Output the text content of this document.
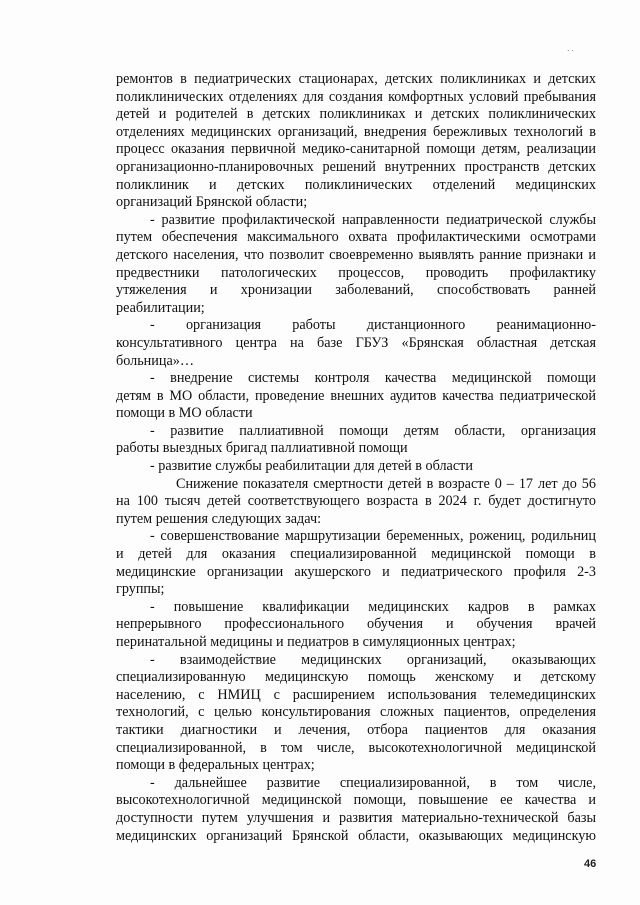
..
ремонтов в педиатрических стационарах, детских поликлиниках и детских
поликлинических отделениях для создания комфортных условий пребывания
детей и родителей в детских поликлиниках и детских поликлинических
отделениях медицинских организаций, внедрения бережливых технологий в
процесс оказания первичной медико-санитарной помощи детям, реализации
организационно-планировочных решений внутренних пространств детских
поликлиник и детских поликлинических отделений медицинских
организаций Брянской области;
- развитие профилактической направленности педиатрической службы
путем обеспечения максимального охвата профилактическими осмотрами
детского населения, что позволит своевременно выявлять ранние признаки и
предвестники патологических процессов, проводить профилактику
утяжеления и хронизации заболеваний, способствовать ранней
реабилитации;
- организация работы дистанционного реанимационно-
консультативного центра на базе ГБУЗ «Брянская областная детская
больница»…
- внедрение системы контроля качества медицинской помощи
детям в МО области, проведение внешних аудитов качества педиатрической
помощи в МО области
- развитие паллиативной помощи детям области, организация
работы выездных бригад паллиативной помощи
- развитие службы реабилитации для детей в области
Снижение показателя смертности детей в возрасте 0 – 17 лет до 56
на 100 тысяч детей соответствующего возраста в 2024 г. будет достигнуто
путем решения следующих задач:
- совершенствование маршрутизации беременных, рожениц, родильниц
и детей для оказания специализированной медицинской помощи в
медицинские организации акушерского и педиатрического профиля 2-3
группы;
- повышение квалификации медицинских кадров в рамках
непрерывного профессионального обучения и обучения врачей
перинатальной медицины и педиатров в симуляционных центрах;
- взаимодействие медицинских организаций, оказывающих
специализированную медицинскую помощь женскому и детскому
населению, с НМИЦ с расширением использования телемедицинских
технологий, с целью консультирования сложных пациентов, определения
тактики диагностики и лечения, отбора пациентов для оказания
специализированной, в том числе, высокотехнологичной медицинской
помощи в федеральных центрах;
- дальнейшее развитие специализированной, в том числе,
высокотехнологичной медицинской помощи, повышение ее качества и
доступности путем улучшения и развития материально-технической базы
медицинских организаций Брянской области, оказывающих медицинскую
46
